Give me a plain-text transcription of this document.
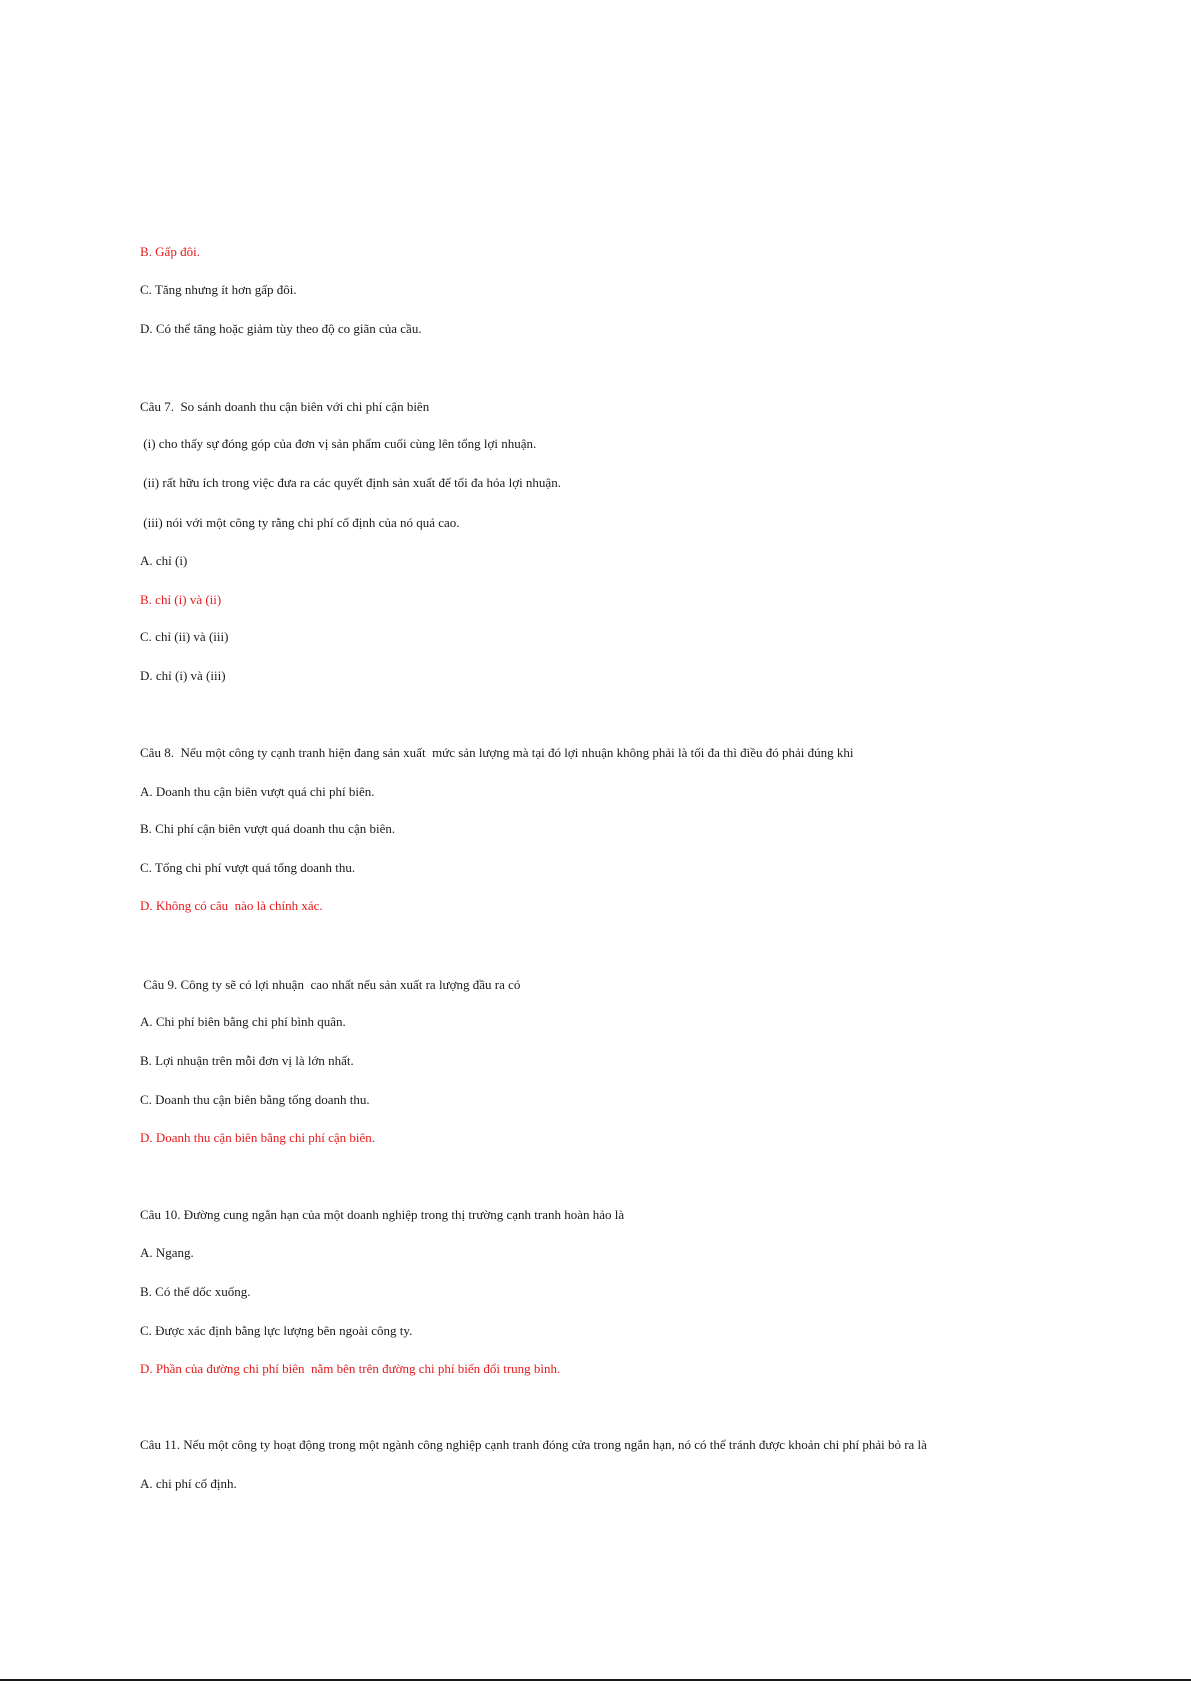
B. Gấp đôi.
C. Tăng nhưng ít hơn gấp đôi.
D. Có thể tăng hoặc giảm tùy theo độ co giãn của cầu.
Câu 7.  So sánh doanh thu cận biên với chi phí cận biên
(i) cho thấy sự đóng góp của đơn vị sản phẩm cuối cùng lên tổng lợi nhuận.
(ii) rất hữu ích trong việc đưa ra các quyết định sản xuất để tối đa hóa lợi nhuận.
(iii) nói với một công ty rằng chi phí cố định của nó quá cao.
A. chỉ (i)
B. chỉ (i) và (ii)
C. chỉ (ii) và (iii)
D. chỉ (i) và (iii)
Câu 8.  Nếu một công ty cạnh tranh hiện đang sản xuất  mức sản lượng mà tại đó lợi nhuận không phải là tối đa thì điều đó phải đúng khi
A. Doanh thu cận biên vượt quá chi phí biên.
B. Chi phí cận biên vượt quá doanh thu cận biên.
C. Tổng chi phí vượt quá tổng doanh thu.
D. Không có câu  nào là chính xác.
Câu 9. Công ty sẽ có lợi nhuận  cao nhất nếu sản xuất ra lượng đầu ra có
A. Chi phí biên bằng chi phí bình quân.
B. Lợi nhuận trên mỗi đơn vị là lớn nhất.
C. Doanh thu cận biên bằng tổng doanh thu.
D. Doanh thu cận biên bằng chi phí cận biên.
Câu 10. Đường cung ngắn hạn của một doanh nghiệp trong thị trường cạnh tranh hoàn hảo là
A. Ngang.
B. Có thể dốc xuống.
C. Được xác định bằng lực lượng bên ngoài công ty.
D. Phần của đường chi phí biên  nằm bên trên đường chi phí biến đổi trung bình.
Câu 11. Nếu một công ty hoạt động trong một ngành công nghiệp cạnh tranh đóng cửa trong ngắn hạn, nó có thể tránh được khoản chi phí phải bỏ ra là
A. chi phí cố định.
